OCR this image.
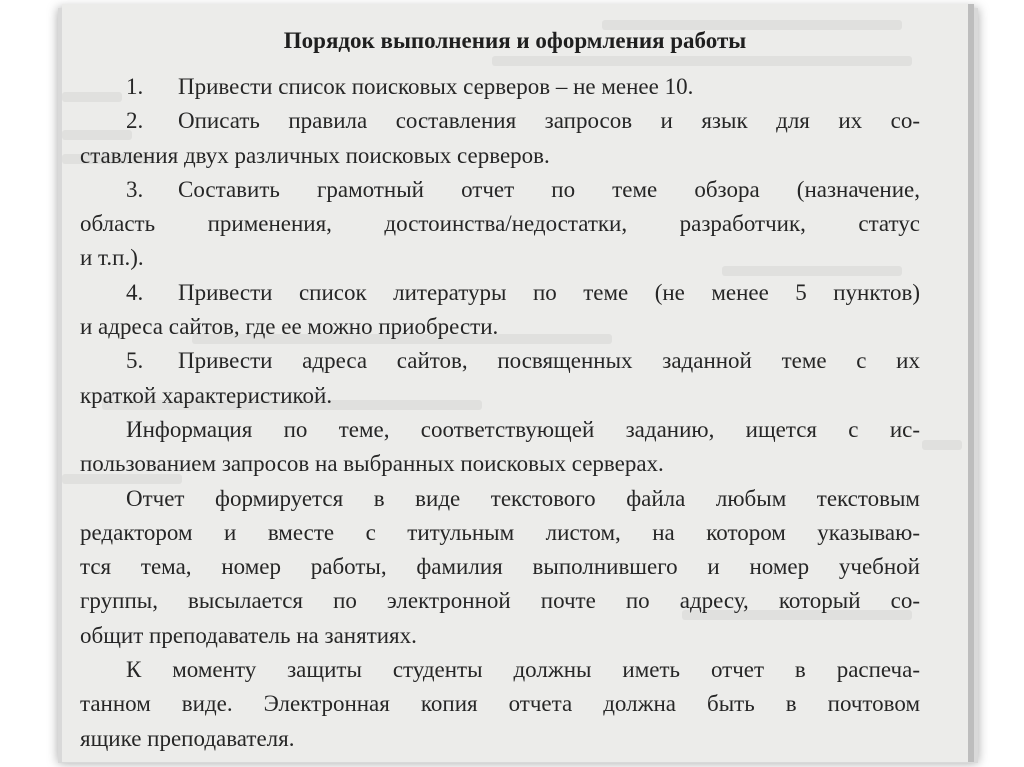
Порядок выполнения и оформления работы
1. Привести список поисковых серверов – не менее 10.
2. Описать правила составления запросов и язык для их со-
ставления двух различных поисковых серверов.
3. Составить грамотный отчет по теме обзора (назначение,
область применения, достоинства/недостатки, разработчик, статус
и т.п.).
4. Привести список литературы по теме (не менее 5 пунктов)
и адреса сайтов, где ее можно приобрести.
5. Привести адреса сайтов, посвященных заданной теме с их
краткой характеристикой.
Информация по теме, соответствующей заданию, ищется с ис-
пользованием запросов на выбранных поисковых серверах.
Отчет формируется в виде текстового файла любым текстовым
редактором и вместе с титульным листом, на котором указываю-
тся тема, номер работы, фамилия выполнившего и номер учебной
группы, высылается по электронной почте по адресу, который со-
общит преподаватель на занятиях.
К моменту защиты студенты должны иметь отчет в распеча-
танном виде. Электронная копия отчета должна быть в почтовом
ящике преподавателя.
